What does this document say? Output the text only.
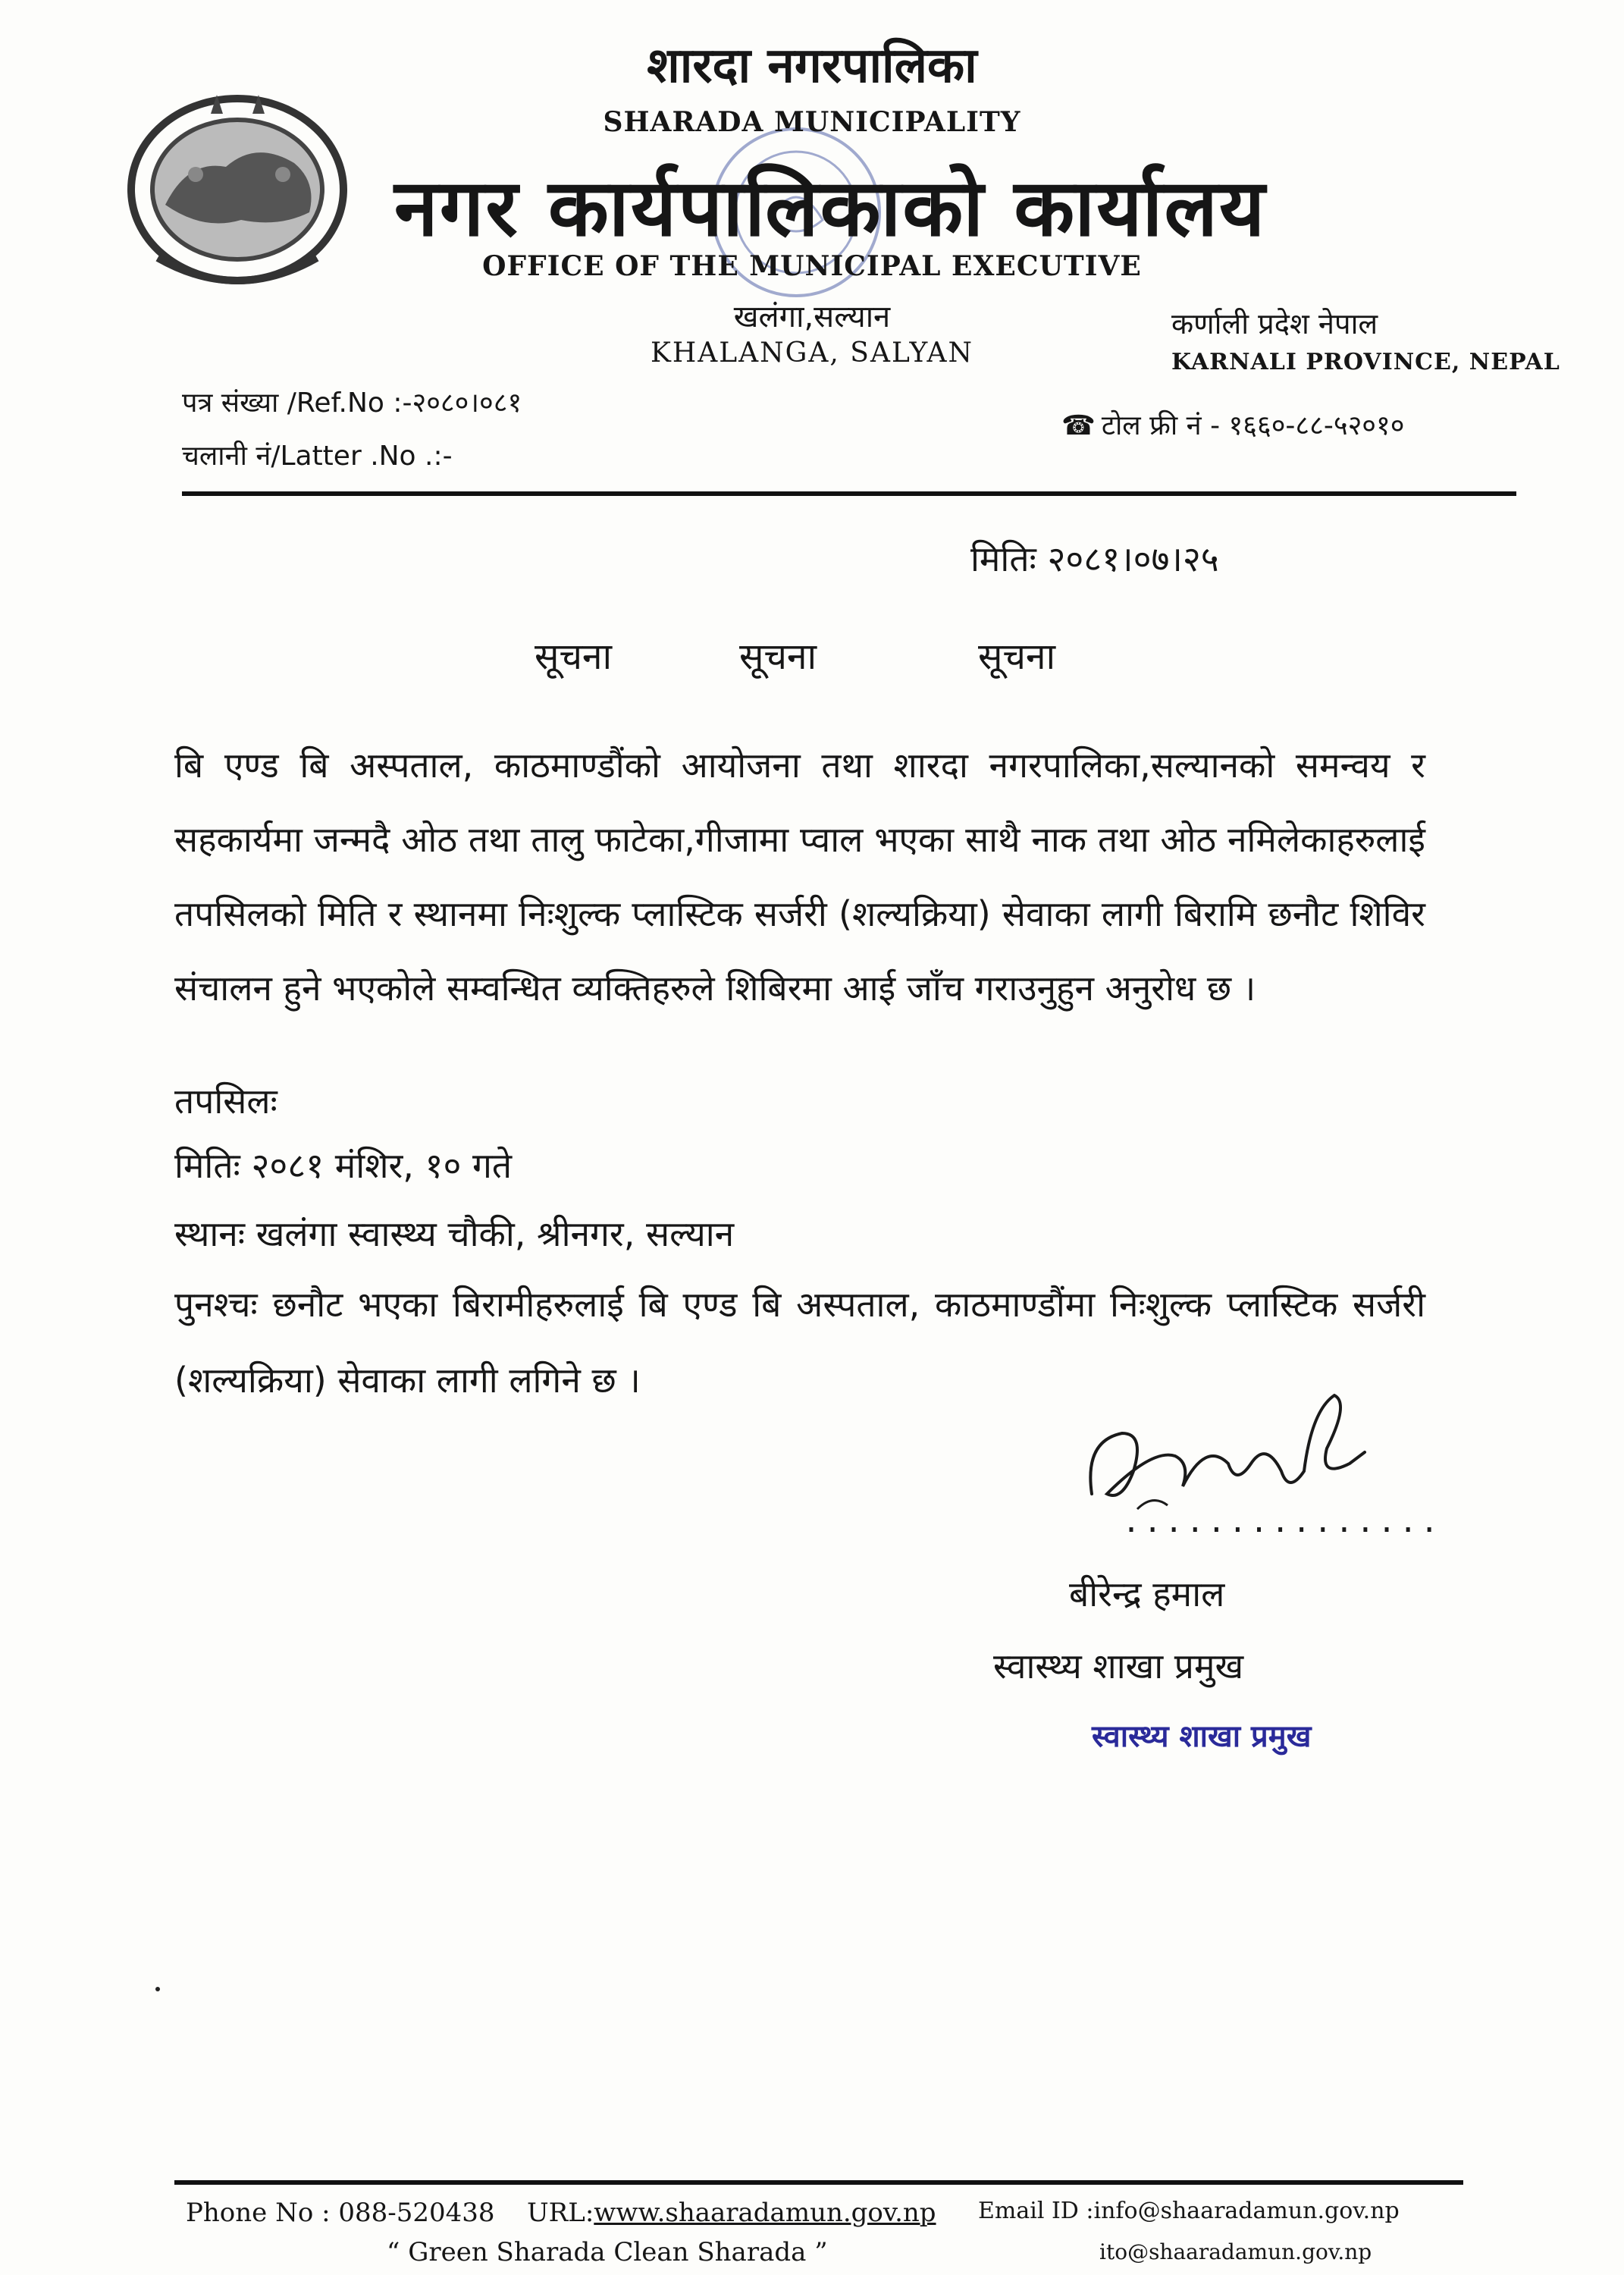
शारदा नगरपालिका
SHARADA MUNICIPALITY
नगर कार्यपालिकाको कार्यालय
OFFICE OF THE MUNICIPAL EXECUTIVE
खलंगा,सल्यान
KHALANGA, SALYAN
कर्णाली प्रदेश नेपाल
KARNALI PROVINCE, NEPAL
पत्र संख्या /Ref.No :-२०८०।०८१
चलानी नं/Latter .No .:-
☎ टोल फ्री नं - १६६०-८८-५२०१०
मितिः २०८१।०७।२५
सूचना	सूचना	सूचना
बि एण्ड बि अस्पताल, काठमाण्डौंको आयोजना तथा शारदा नगरपालिका,सल्यानको समन्वय र सहकार्यमा जन्मदै ओठ तथा तालु फाटेका,गीजामा प्वाल भएका साथै नाक तथा ओठ नमिलेकाहरुलाई तपसिलको मिति र स्थानमा निःशुल्क प्लास्टिक सर्जरी (शल्यक्रिया) सेवाका लागी बिरामि छनौट शिविर संचालन हुने भएकोले सम्वन्धित व्यक्तिहरुले शिबिरमा आई जाँच गराउनुहुन अनुरोध छ ।
तपसिलः
मितिः २०८१ मंशिर, १० गते
स्थानः खलंगा स्वास्थ्य चौकी, श्रीनगर, सल्यान
पुनश्चः छनौट भएका बिरामीहरुलाई बि एण्ड बि अस्पताल, काठमाण्डौंमा निःशुल्क प्लास्टिक सर्जरी (शल्यक्रिया) सेवाका लागी लगिने छ ।
...............
बीरेन्द्र हमाल
स्वास्थ्य शाखा प्रमुख
स्वास्थ्य शाखा प्रमुख
Phone No : 088-520438 URL:www.shaaradamun.gov.np Email ID :info@shaaradamun.gov.np
“ Green Sharada Clean Sharada ”	ito@shaaradamun.gov.np
